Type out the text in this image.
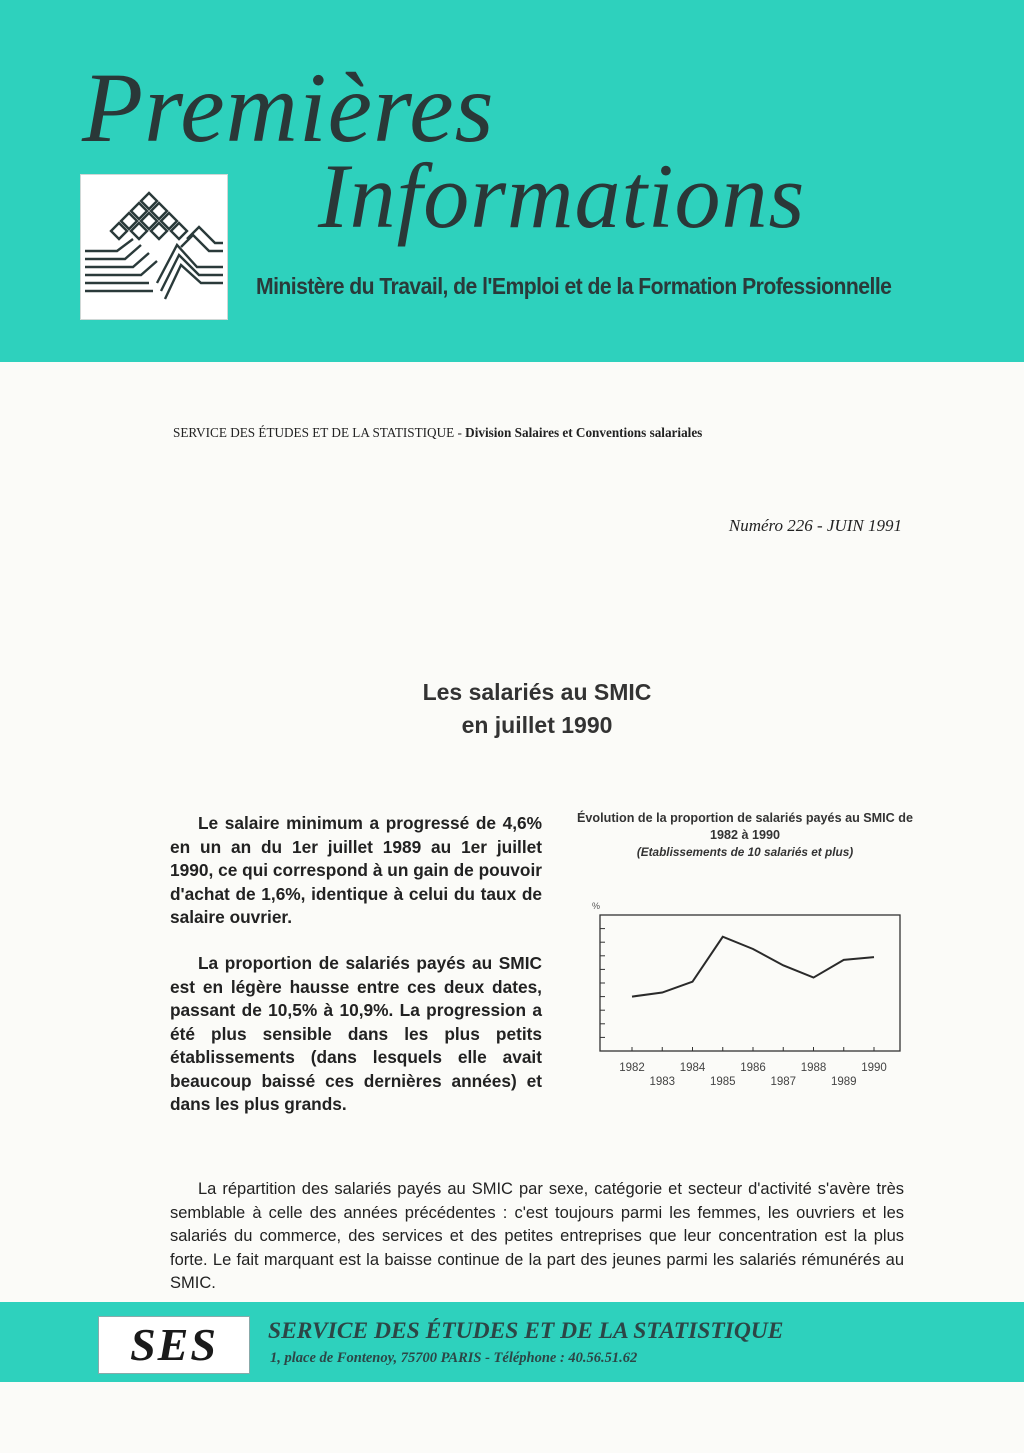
Premières
Informations
Ministère du Travail, de l'Emploi et de la Formation Professionnelle
SERVICE DES ÉTUDES ET DE LA STATISTIQUE - Division Salaires et Conventions salariales
Numéro 226 - JUIN 1991
Les salariés au SMIC
en juillet 1990

Le salaire minimum a progressé de 4,6% en un an du 1er juillet 1989 au 1er juillet 1990, ce qui correspond à un gain de pouvoir d'achat de 1,6%, identique à celui du taux de salaire ouvrier.

La proportion de salariés payés au SMIC est en légère hausse entre ces deux dates, passant de 10,5% à 10,9%. La progression a été plus sensible dans les plus petits établissements (dans lesquels elle avait beaucoup baissé ces dernières années) et dans les plus grands.

Évolution de la proportion de salariés payés au SMIC de 1982 à 1990
(Etablissements de 10 salariés et plus)
%
1982	1984	1986	1988	1990
1983	1985	1987	1989

La répartition des salariés payés au SMIC par sexe, catégorie et secteur d'activité s'avère très semblable à celle des années précédentes : c'est toujours parmi les femmes, les ouvriers et les salariés du commerce, des services et des petites entreprises que leur concentration est la plus forte. Le fait marquant est la baisse continue de la part des jeunes parmi les salariés rémunérés au SMIC.

SES SERVICE DES ÉTUDES ET DE LA STATISTIQUE
1, place de Fontenoy, 75700 PARIS - Téléphone : 40.56.51.62
